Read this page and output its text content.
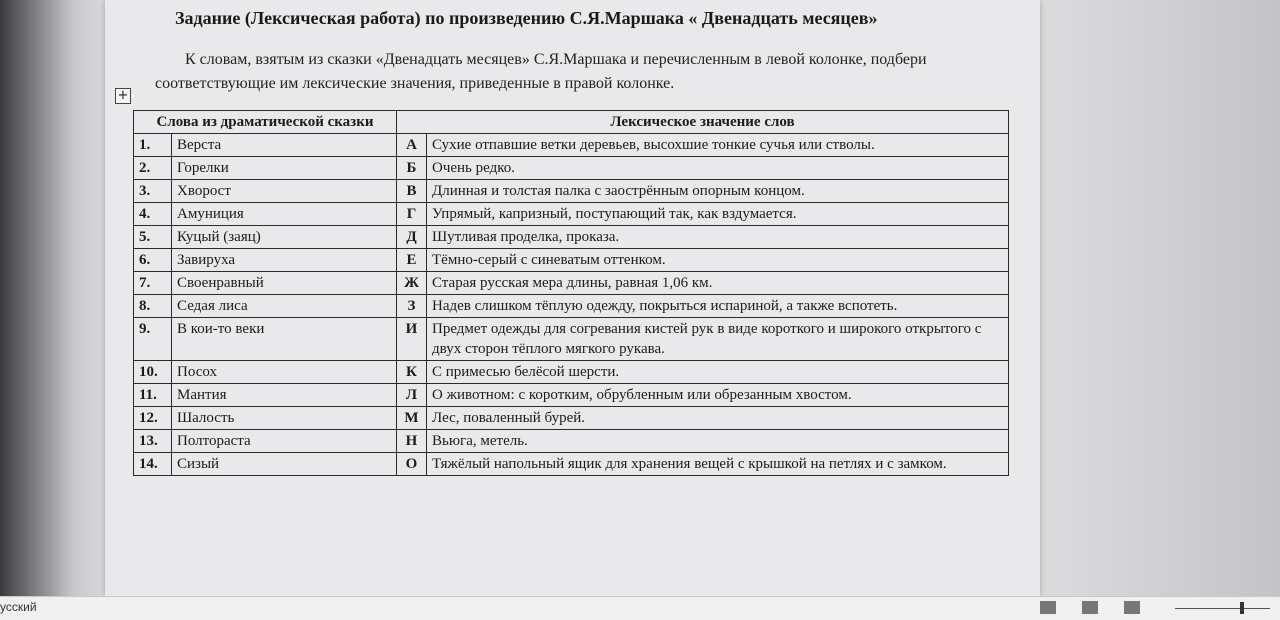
Задание (Лексическая работа) по произведению С.Я.Маршака « Двенадцать месяцев»
К словам, взятым из сказки «Двенадцать месяцев» С.Я.Маршака и перечисленным в левой колонке, подбери соответствующие им лексические значения, приведенные в правой колонке.
+
Слова из драматической сказки		Лексическое значение слов	
1.	Верста	А	Сухие отпавшие ветки деревьев, высохшие тонкие сучья или стволы.
2.	Горелки	Б	Очень редко.
3.	Хворост	В	Длинная и толстая палка с заострённым опорным концом.
4.	Амуниция	Г	Упрямый, капризный, поступающий так, как вздумается.
5.	Куцый (заяц)	Д	Шутливая проделка, проказа.
6.	Завируха	Е	Тёмно-серый с синеватым оттенком.
7.	Своенравный	Ж	Старая русская мера длины, равная 1,06 км.
8.	Седая лиса	З	Надев слишком тёплую одежду, покрыться испариной, а также вспотеть.
9.	В кои-то веки	И	Предмет одежды для согревания кистей рук в виде короткого и широкого открытого с двух сторон тёплого мягкого рукава.
10.	Посох	К	С примесью белёсой шерсти.
11.	Мантия	Л	О животном: с коротким, обрубленным или обрезанным хвостом.
12.	Шалость	М	Лес, поваленный бурей.
13.	Полтораста	Н	Вьюга, метель.
14.	Сизый	О	Тяжёлый напольный ящик для хранения вещей с крышкой на петлях и с замком.
усский
